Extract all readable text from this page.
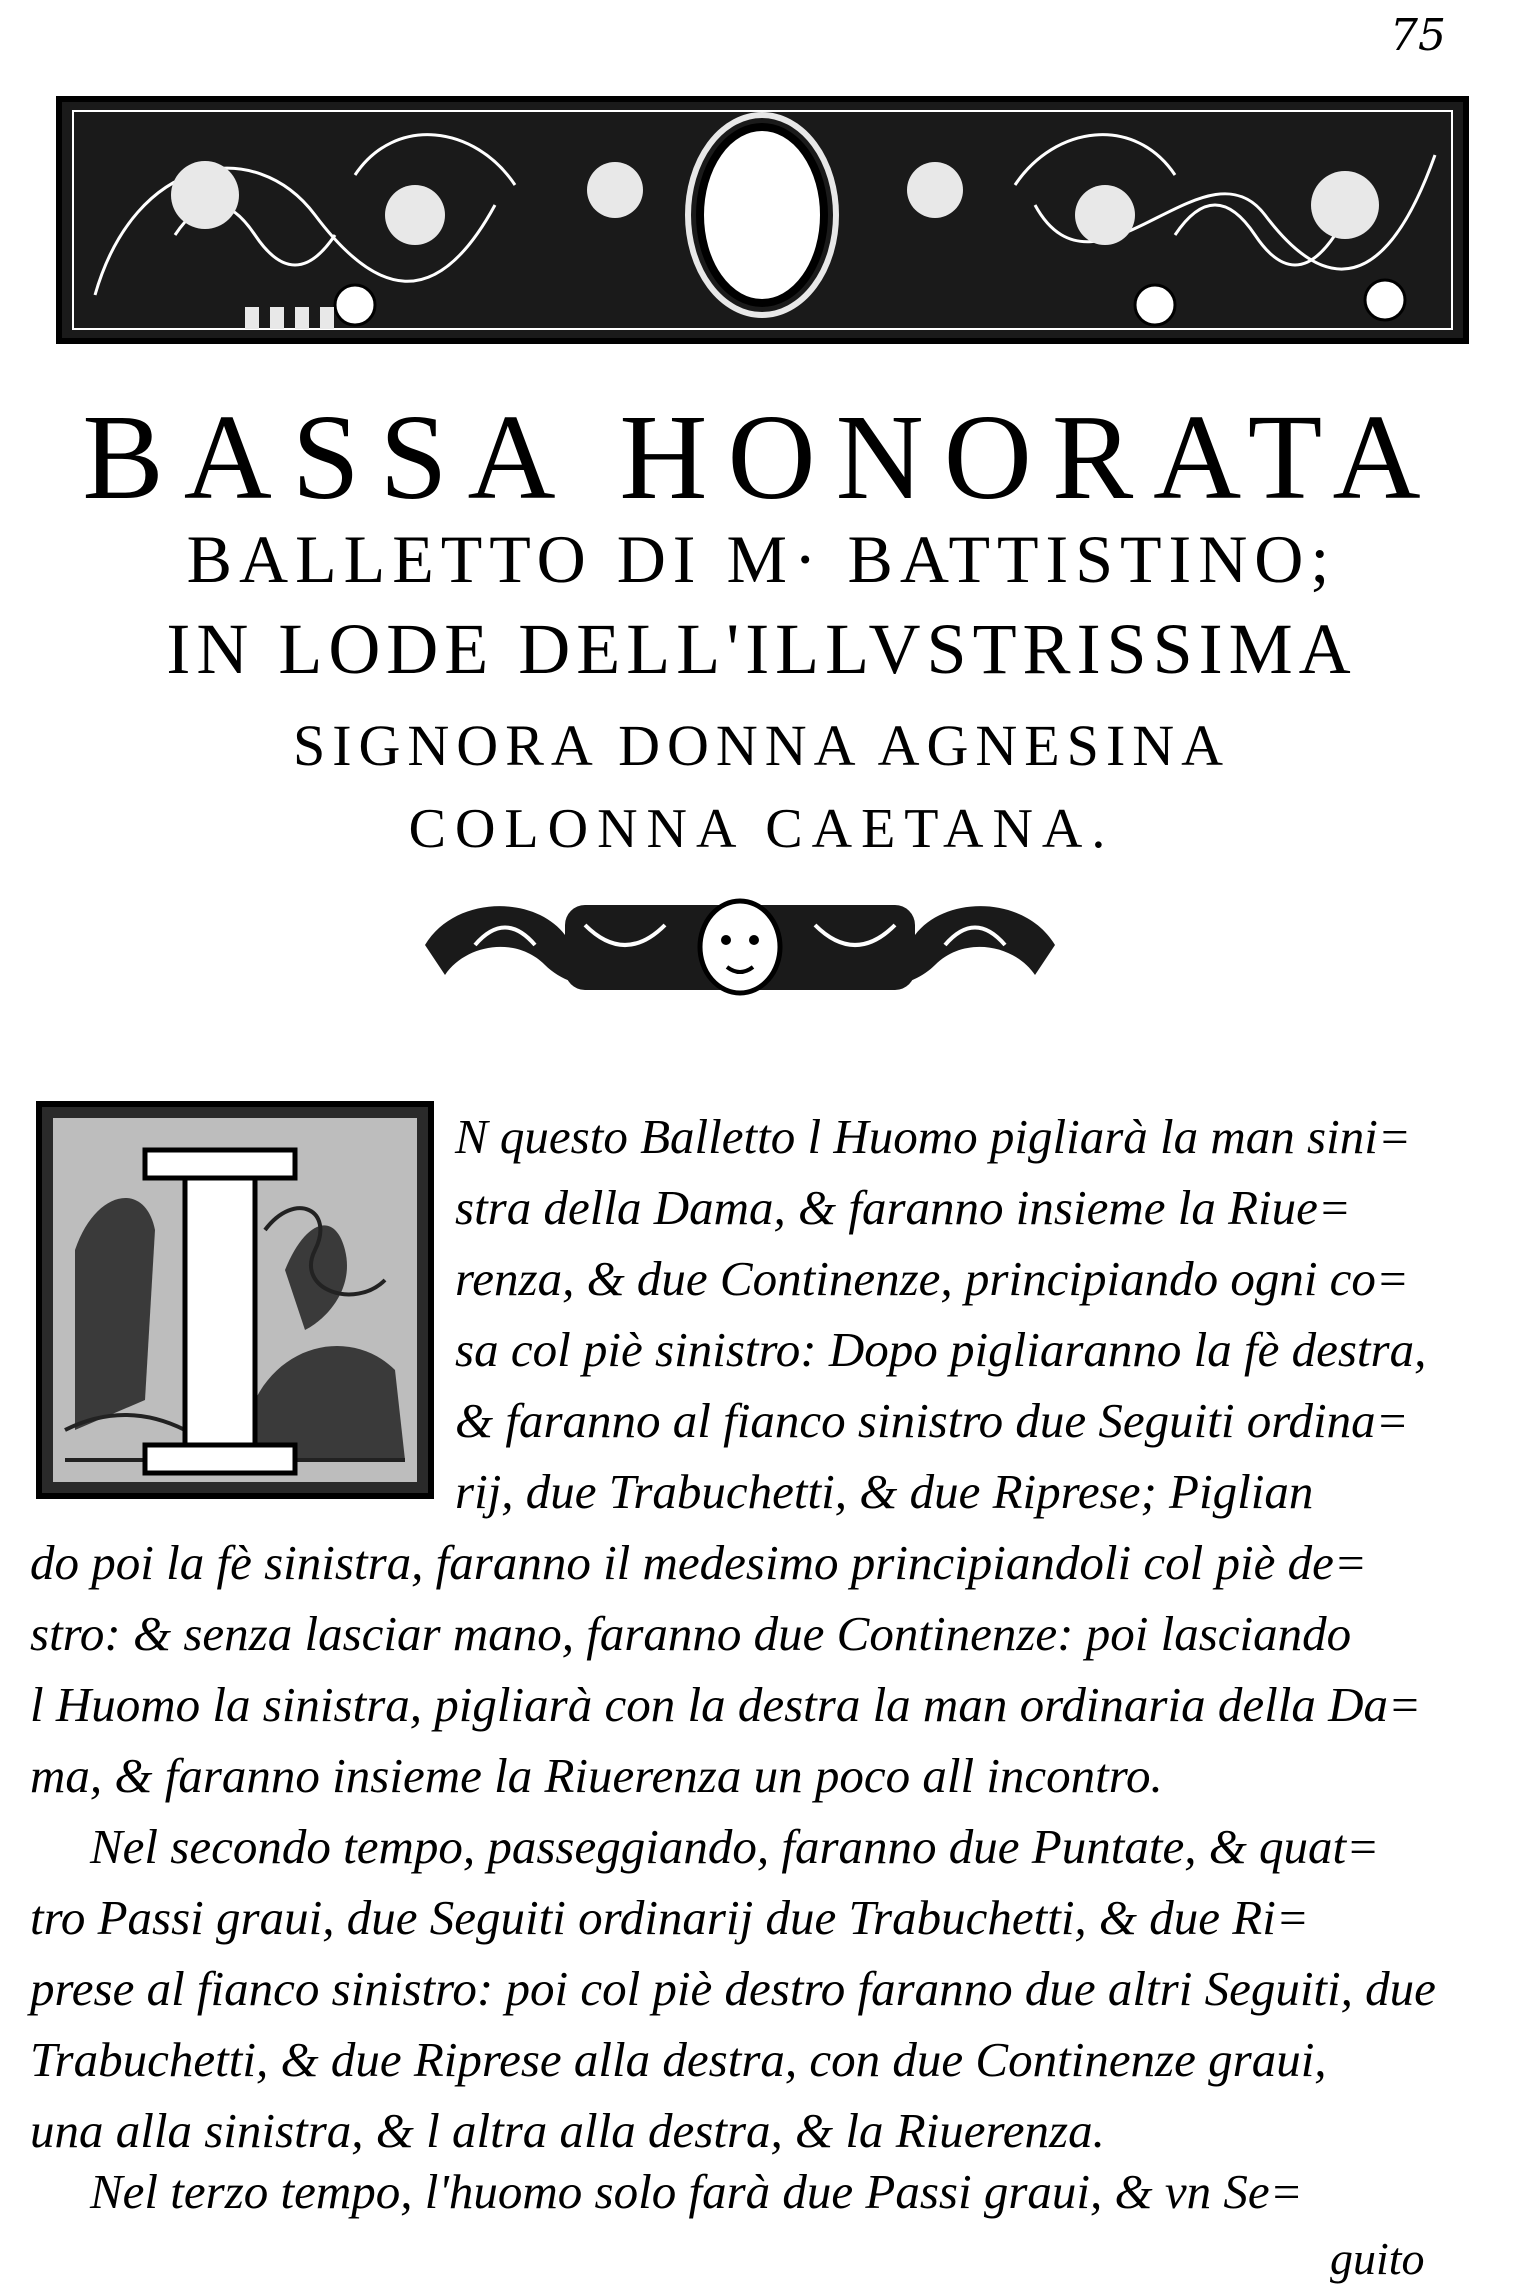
75
BASSA HONORATA
BALLETTO DI M· BATTISTINO;
IN LODE DELL'ILLVSTRISSIMA
SIGNORA DONNA AGNESINA
COLONNA CAETANA.
N questo Balletto l Huomo pigliarà la man sini=
stra della Dama, & faranno insieme la Riue=
renza, & due Continenze, principiando ogni co=
sa col piè sinistro: Dopo pigliaranno la fè destra,
& faranno al fianco sinistro due Seguiti ordina=
rij, due Trabuchetti, & due Riprese; Piglian
do poi la fè sinistra, faranno il medesimo principiandoli col piè de=
stro: & senza lasciar mano, faranno due Continenze: poi lasciando
l Huomo la sinistra, pigliarà con la destra la man ordinaria della Da=
ma, & faranno insieme la Riuerenza un poco all incontro.
Nel secondo tempo, passeggiando, faranno due Puntate, & quat=
tro Passi graui, due Seguiti ordinarij due Trabuchetti, & due Ri=
prese al fianco sinistro: poi col piè destro faranno due altri Seguiti, due
Trabuchetti, & due Riprese alla destra, con due Continenze graui,
una alla sinistra, & l altra alla destra, & la Riuerenza.
Nel terzo tempo, l'huomo solo farà due Passi graui, & vn Se=
guito
